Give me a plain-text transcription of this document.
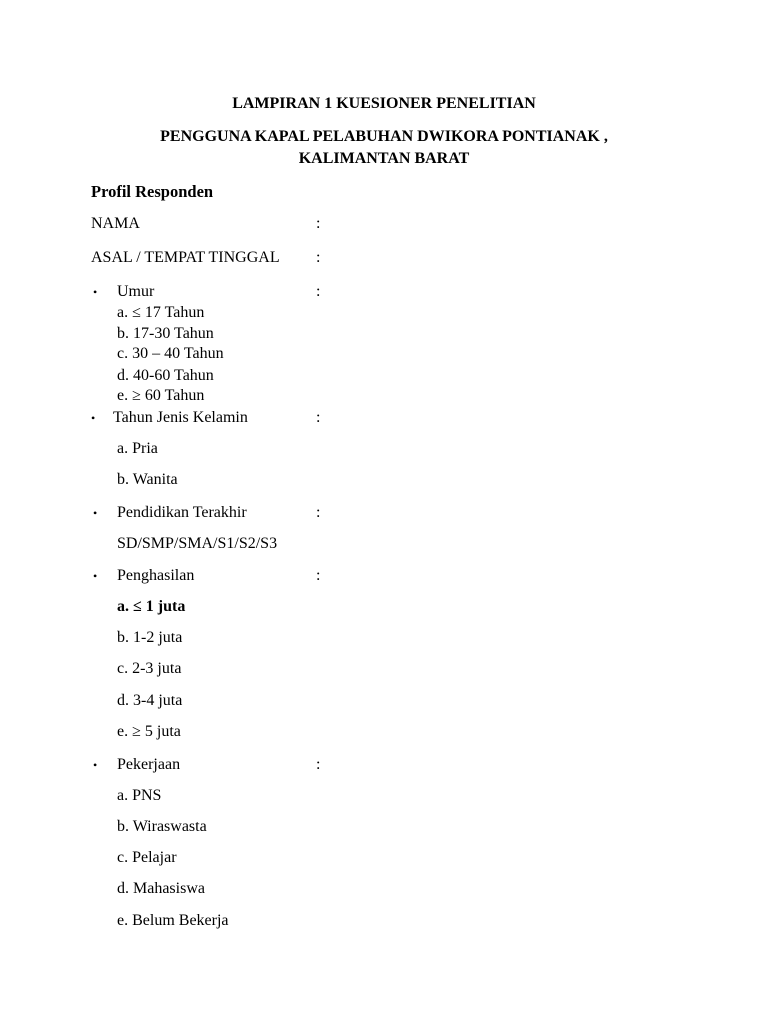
LAMPIRAN 1 KUESIONER PENELITIAN
PENGGUNA KAPAL PELABUHAN DWIKORA PONTIANAK ,
KALIMANTAN BARAT
Profil Responden
NAMA	:
ASAL / TEMPAT TINGGAL :
• Umur	:
a. ≤ 17 Tahun
b. 17-30 Tahun
c. 30 – 40 Tahun
d. 40-60 Tahun
e. ≥ 60 Tahun
• Tahun Jenis Kelamin	:
a. Pria
b. Wanita
• Pendidikan Terakhir	:
SD/SMP/SMA/S1/S2/S3
• Penghasilan	:
a. ≤ 1 juta
b. 1-2 juta
c. 2-3 juta
d. 3-4 juta
e. ≥ 5 juta
• Pekerjaan	:
a. PNS
b. Wiraswasta
c. Pelajar
d. Mahasiswa
e. Belum Bekerja
